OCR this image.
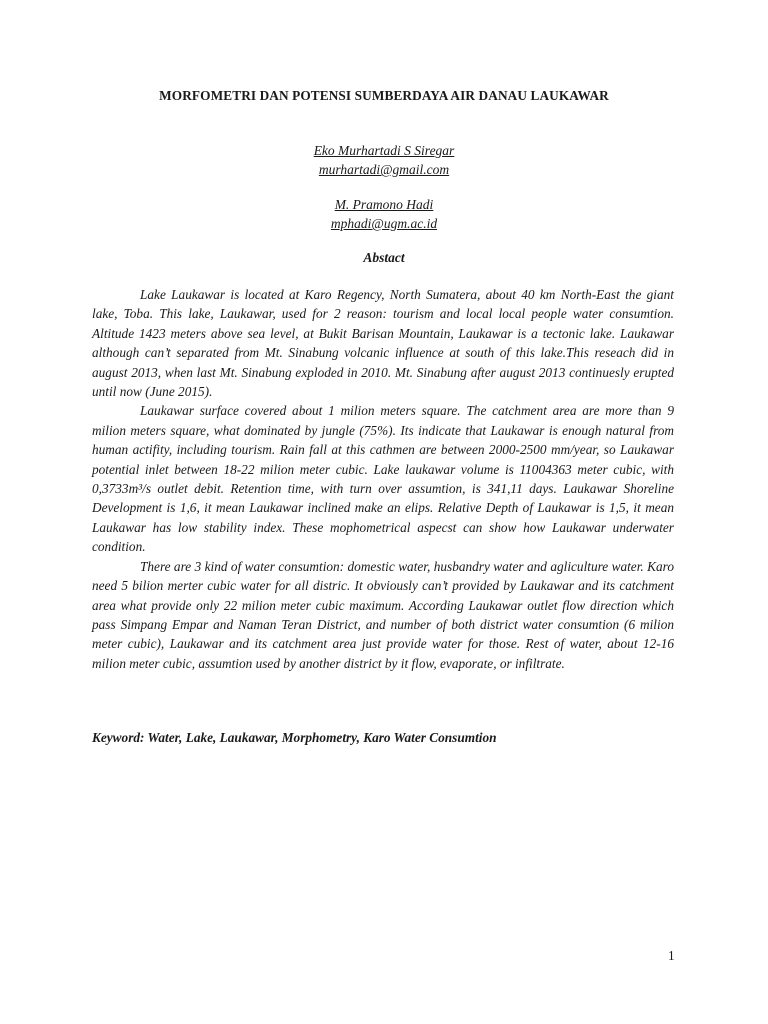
MORFOMETRI DAN POTENSI SUMBERDAYA AIR DANAU LAUKAWAR
Eko Murhartadi S Siregar
murhartadi@gmail.com
M. Pramono Hadi
mphadi@ugm.ac.id
Abstact

Lake Laukawar is located at Karo Regency, North Sumatera, about 40 km North-East the giant lake, Toba. This lake, Laukawar, used for 2 reason: tourism and local local people water consumtion. Altitude 1423 meters above sea level, at Bukit Barisan Mountain, Laukawar is a tectonic lake. Laukawar although can’t separated from Mt. Sinabung volcanic influence at south of this lake.This reseach did in august 2013, when last Mt. Sinabung exploded in 2010. Mt. Sinabung after august 2013 continuesly erupted until now (June 2015).

Laukawar surface covered about 1 milion meters square. The catchment area are more than 9 milion meters square, what dominated by jungle (75%). Its indicate that Laukawar is enough natural from human actifity, including tourism. Rain fall at this cathmen are between 2000-2500 mm/year, so Laukawar potential inlet between 18-22 milion meter cubic. Lake laukawar volume is 11004363 meter cubic, with 0,3733m³/s outlet debit. Retention time, with turn over assumtion, is 341,11 days. Laukawar Shoreline Development is 1,6, it mean Laukawar inclined make an elips. Relative Depth of Laukawar is 1,5, it mean Laukawar has low stability index. These mophometrical aspecst can show how Laukawar underwater condition.

There are 3 kind of water consumtion: domestic water, husbandry water and agliculture water. Karo need 5 bilion merter cubic water for all distric. It obviously can’t provided by Laukawar and its catchment area what provide only 22 milion meter cubic maximum. According Laukawar outlet flow direction which pass Simpang Empar and Naman Teran District, and number of both district water consumtion (6 milion meter cubic), Laukawar and its catchment area just provide water for those. Rest of water, about 12-16 milion meter cubic, assumtion used by another district by it flow, evaporate, or infiltrate.

Keyword: Water, Lake, Laukawar, Morphometry, Karo Water Consumtion

1
